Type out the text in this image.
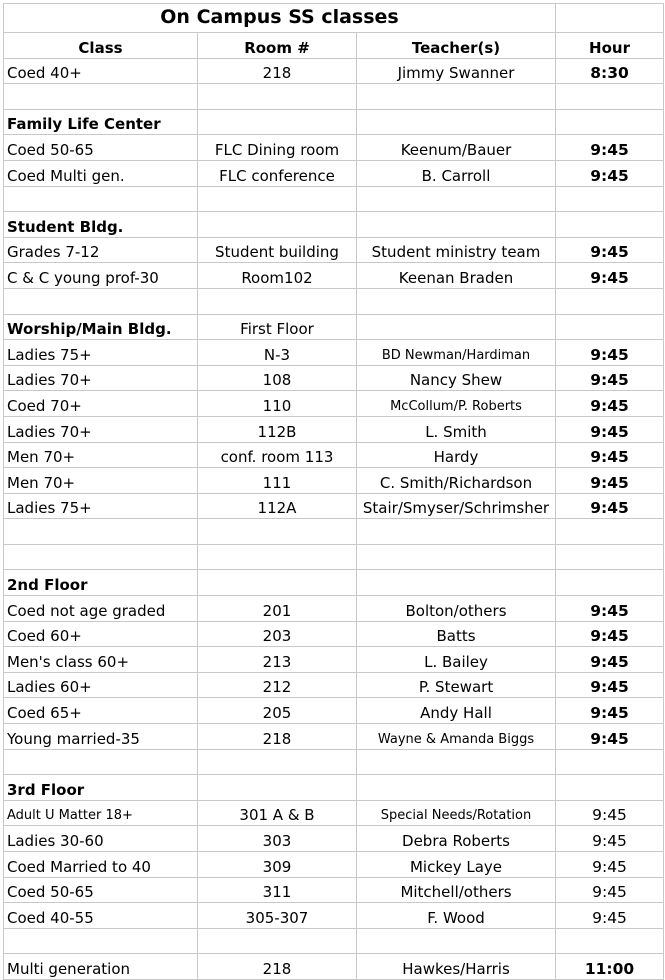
On Campus SS classes			
Class	Room #	Teacher(s)	Hour
Coed 40+	218	Jimmy Swanner	8:30

Family Life Center			
Coed 50-65	FLC Dining room	Keenum/Bauer	9:45
Coed Multi gen.	FLC conference	B. Carroll	9:45

Student Bldg.			
Grades 7-12	Student building	Student ministry team	9:45
C & C young prof-30	Room102	Keenan Braden	9:45

Worship/Main Bldg.	First Floor		
Ladies 75+	N-3	BD Newman/Hardiman	9:45
Ladies 70+	108	Nancy Shew	9:45
Coed 70+	110	McCollum/P. Roberts	9:45
Ladies 70+	112B	L. Smith	9:45
Men 70+	conf. room 113	Hardy	9:45
Men 70+	111	C. Smith/Richardson	9:45
Ladies 75+	112A	Stair/Smyser/Schrimsher	9:45

2nd Floor			
Coed not age graded	201	Bolton/others	9:45
Coed 60+	203	Batts	9:45
Men's class 60+	213	L. Bailey	9:45
Ladies 60+	212	P. Stewart	9:45
Coed 65+	205	Andy Hall	9:45
Young married-35	218	Wayne & Amanda Biggs	9:45

3rd Floor			
Adult U Matter 18+	301 A & B	Special Needs/Rotation	9:45
Ladies 30-60	303	Debra Roberts	9:45
Coed Married to 40	309	Mickey Laye	9:45
Coed 50-65	311	Mitchell/others	9:45
Coed 40-55	305-307	F. Wood	9:45

Multi generation	218	Hawkes/Harris	11:00
